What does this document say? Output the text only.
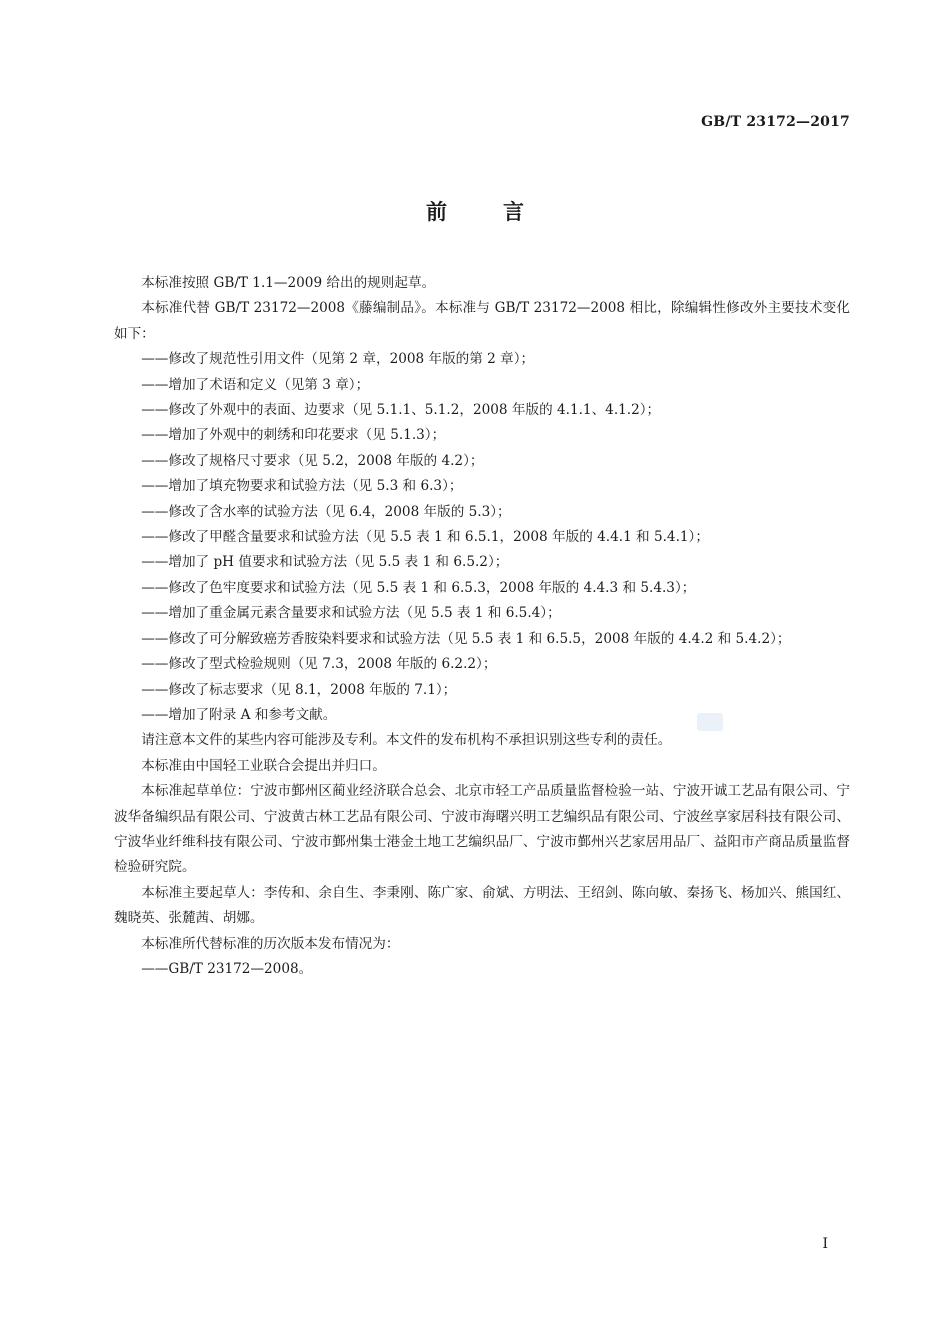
GB/T 23172—2017
前言

本标准按照 GB/T 1.1—2009 给出的规则起草。

本标准代替 GB/T 23172—2008《藤编制品》。本标准与 GB/T 23172—2008 相比，除编辑性修改外主要技术变化如下：

——修改了规范性引用文件（见第 2 章，2008 年版的第 2 章）；
——增加了术语和定义（见第 3 章）；
——修改了外观中的表面、边要求（见 5.1.1、5.1.2，2008 年版的 4.1.1、4.1.2）；
——增加了外观中的刺绣和印花要求（见 5.1.3）；
——修改了规格尺寸要求（见 5.2，2008 年版的 4.2）；
——增加了填充物要求和试验方法（见 5.3 和 6.3）；
——修改了含水率的试验方法（见 6.4，2008 年版的 5.3）；
——修改了甲醛含量要求和试验方法（见 5.5 表 1 和 6.5.1，2008 年版的 4.4.1 和 5.4.1）；
——增加了 pH 值要求和试验方法（见 5.5 表 1 和 6.5.2）；
——修改了色牢度要求和试验方法（见 5.5 表 1 和 6.5.3，2008 年版的 4.4.3 和 5.4.3）；
——增加了重金属元素含量要求和试验方法（见 5.5 表 1 和 6.5.4）；
——修改了可分解致癌芳香胺染料要求和试验方法（见 5.5 表 1 和 6.5.5，2008 年版的 4.4.2 和 5.4.2）；
——修改了型式检验规则（见 7.3，2008 年版的 6.2.2）；
——修改了标志要求（见 8.1，2008 年版的 7.1）；
——增加了附录 A 和参考文献。

请注意本文件的某些内容可能涉及专利。本文件的发布机构不承担识别这些专利的责任。

本标准由中国轻工业联合会提出并归口。

本标准起草单位：宁波市鄞州区蔺业经济联合总会、北京市轻工产品质量监督检验一站、宁波开诚工艺品有限公司、宁波华备编织品有限公司、宁波黄古林工艺品有限公司、宁波市海曙兴明工艺编织品有限公司、宁波丝享家居科技有限公司、宁波华业纤维科技有限公司、宁波市鄞州集士港金土地工艺编织品厂、宁波市鄞州兴艺家居用品厂、益阳市产商品质量监督检验研究院。

本标准主要起草人：李传和、余自生、李秉刚、陈广家、俞斌、方明法、王绍剑、陈向敏、秦扬飞、杨加兴、熊国红、魏晓英、张麓茜、胡娜。

本标准所代替标准的历次版本发布情况为：

——GB/T 23172—2008。
I
